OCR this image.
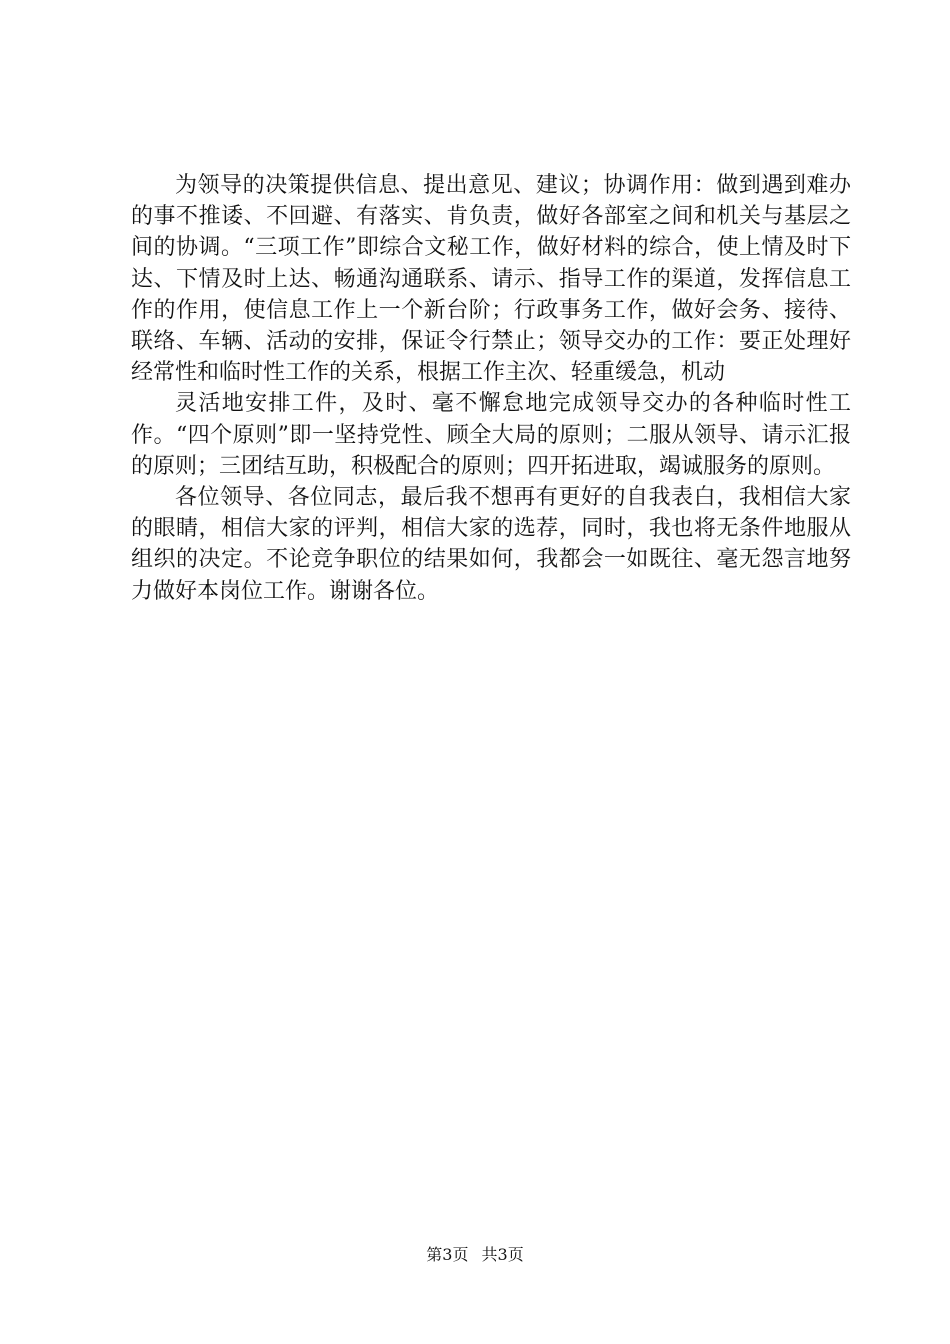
为领导的决策提供信息、提出意见、建议；协调作用：做到遇到难办的事不推诿、不回避、有落实、肯负责，做好各部室之间和机关与基层之间的协调。“三项工作”即综合文秘工作，做好材料的综合，使上情及时下达、下情及时上达、畅通沟通联系、请示、指导工作的渠道，发挥信息工作的作用，使信息工作上一个新台阶；行政事务工作，做好会务、接待、联络、车辆、活动的安排，保证令行禁止；领导交办的工作：要正处理好经常性和临时性工作的关系，根据工作主次、轻重缓急，机动

灵活地安排工件，及时、毫不懈怠地完成领导交办的各种临时性工作。“四个原则”即一坚持党性、顾全大局的原则；二服从领导、请示汇报的原则；三团结互助，积极配合的原则；四开拓进取，竭诚服务的原则。

各位领导、各位同志，最后我不想再有更好的自我表白，我相信大家的眼睛，相信大家的评判，相信大家的选荐，同时，我也将无条件地服从组织的决定。不论竞争职位的结果如何，我都会一如既往、毫无怨言地努力做好本岗位工作。谢谢各位。

第3页 共3页
